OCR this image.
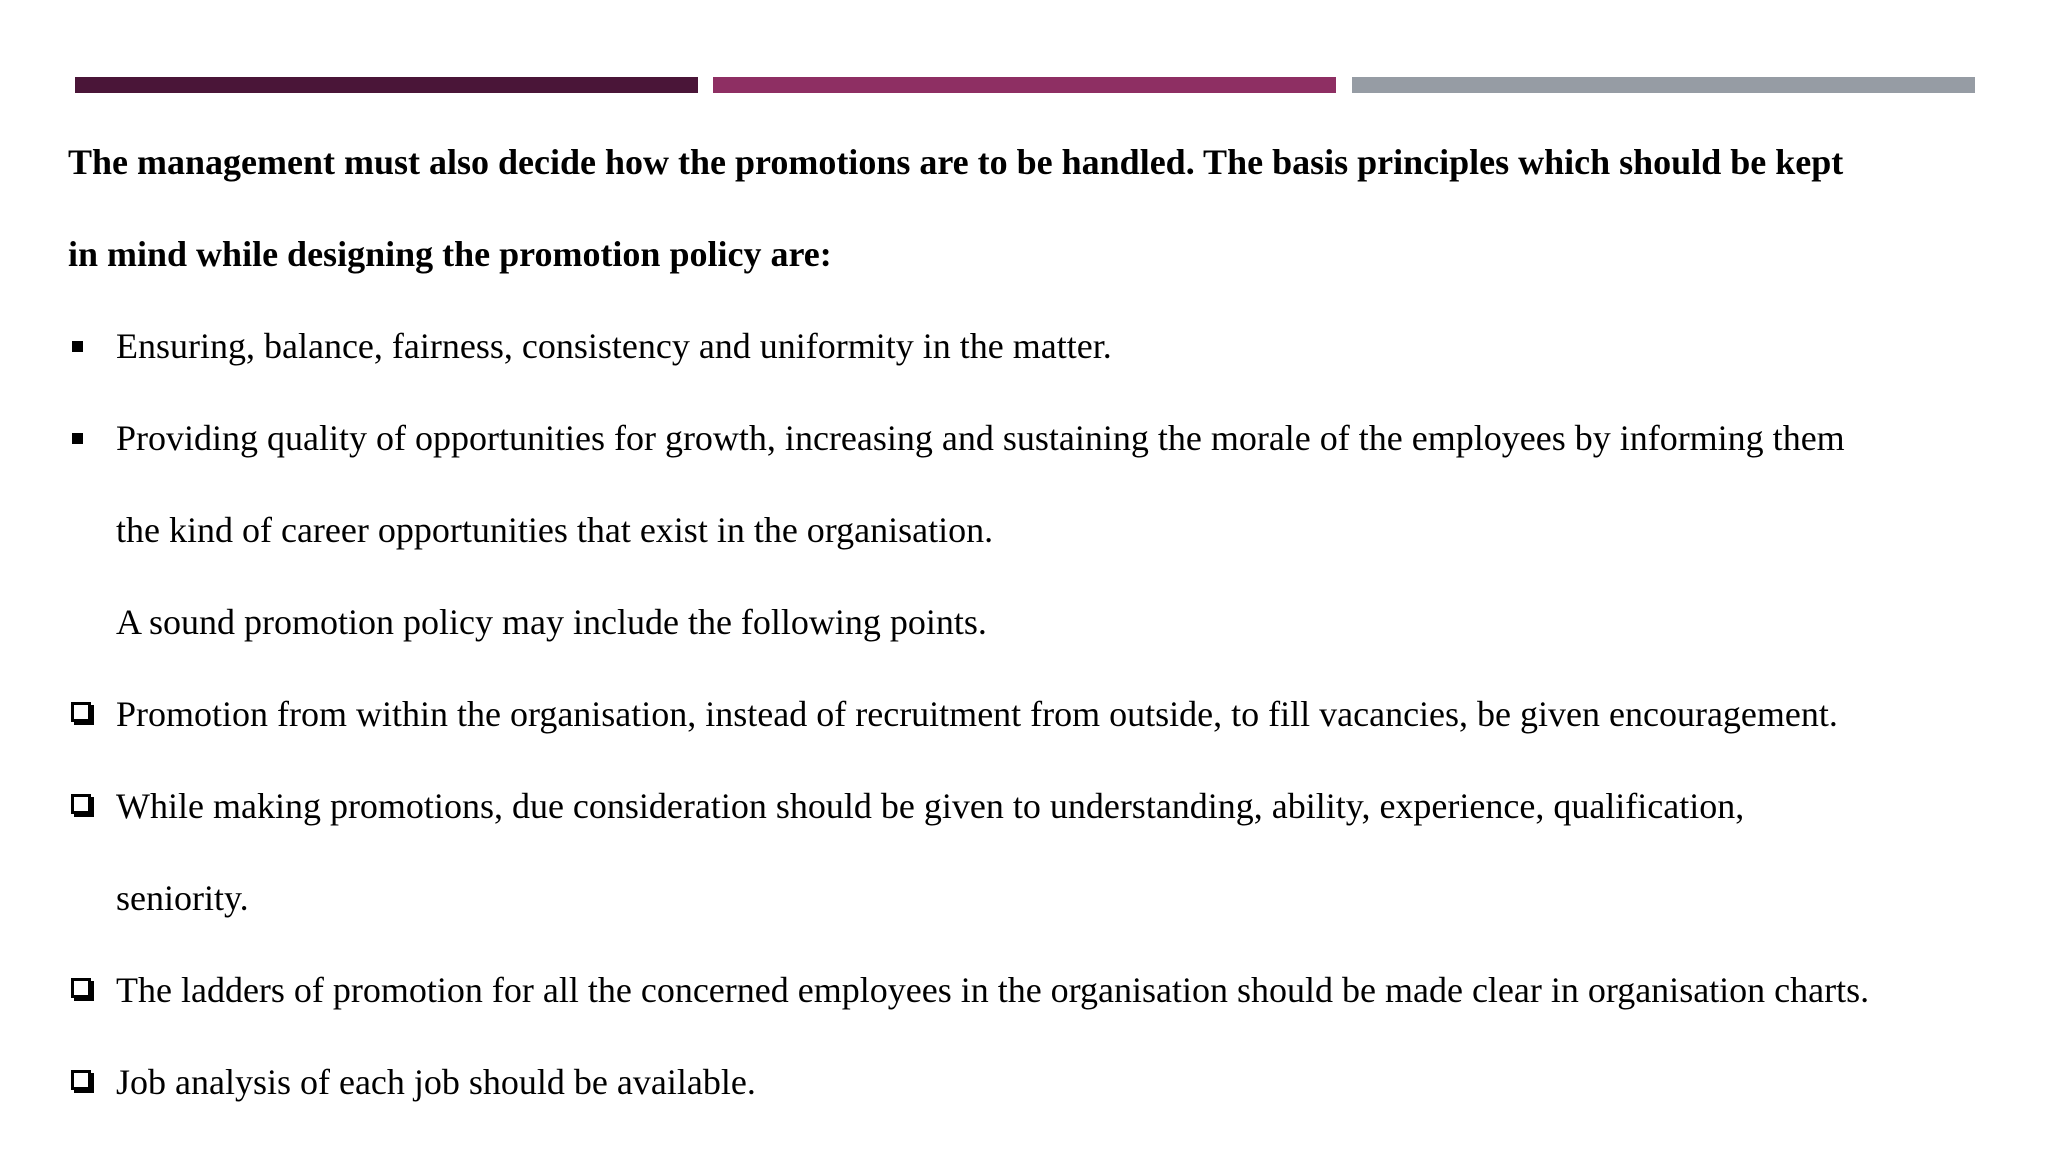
The management must also decide how the promotions are to be handled. The basis principles which should be kept
in mind while designing the promotion policy are:
Ensuring, balance, fairness, consistency and uniformity in the matter.
Providing quality of opportunities for growth, increasing and sustaining the morale of the employees by informing them
the kind of career opportunities that exist in the organisation.
A sound promotion policy may include the following points.
Promotion from within the organisation, instead of recruitment from outside, to fill vacancies, be given encouragement.
While making promotions, due consideration should be given to understanding, ability, experience, qualification,
seniority.
The ladders of promotion for all the concerned employees in the organisation should be made clear in organisation charts.
Job analysis of each job should be available.
